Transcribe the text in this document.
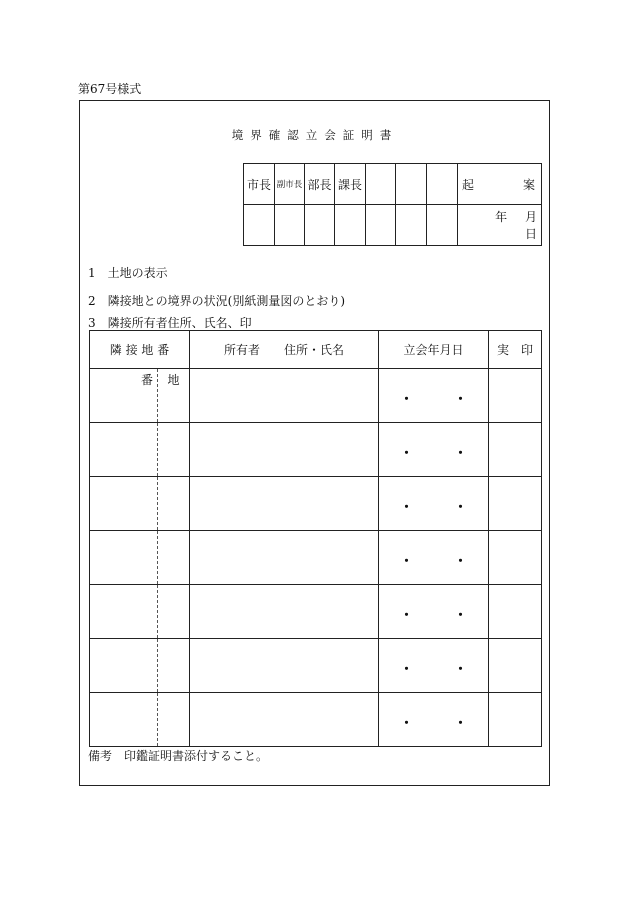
第67号様式
境界確認立会証明書
市長	副市長	部長	課長				起 案

							年 月 日
1　土地の表示
2　隣接地との境界の状況(別紙測量図のとおり)
3　隣接所有者住所、氏名、印
隣 接 地 番		所有者　　住所・氏名	立会年月日	実　印
番	地		・ ・	

			・ ・	

			・ ・	

			・ ・	

			・ ・	

			・ ・	

			・ ・	

備考　印鑑証明書添付すること。
